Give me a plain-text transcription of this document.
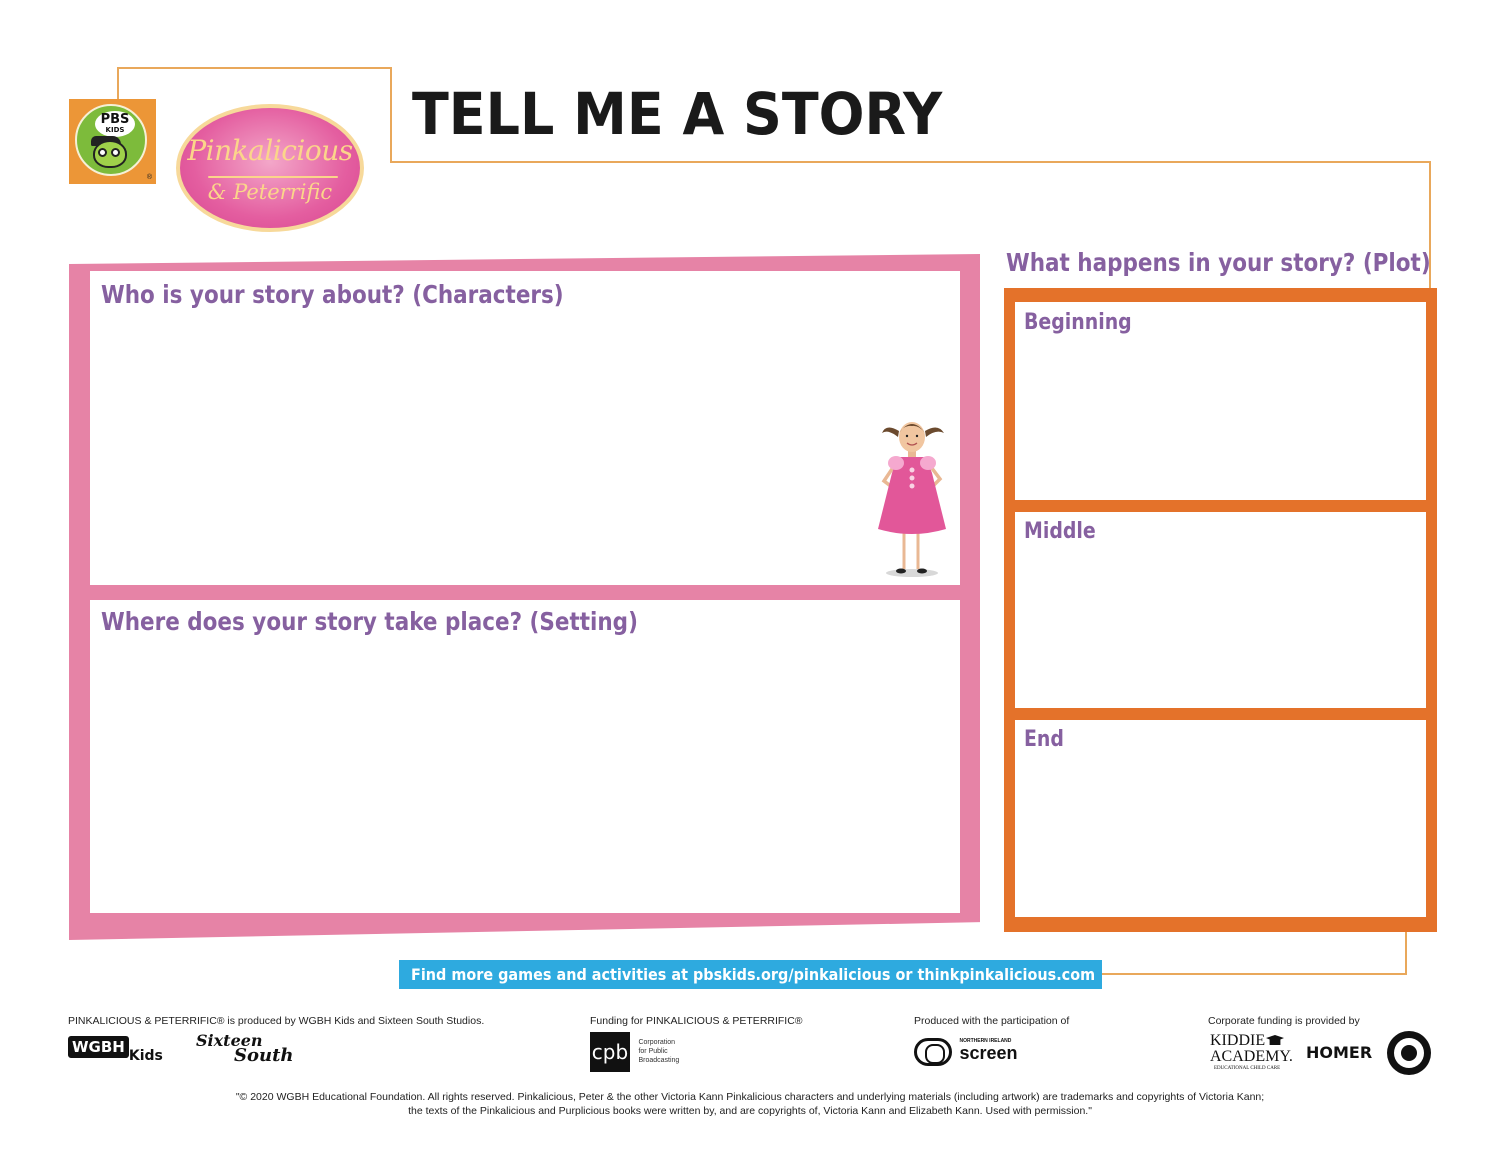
PBS
KIDS
®
Pinkalicious
& Peterrific
TELL ME A STORY
Who is your story about? (Characters)
Where does your story take place? (Setting)
What happens in your story? (Plot)
Beginning
Middle
End
Find more games and activities at pbskids.org/pinkalicious or thinkpinkalicious.com
PINKALICIOUS & PETERRIFIC® is produced by WGBH Kids and Sixteen South Studios.
WGBH Kids
Sixteen
South
Funding for PINKALICIOUS & PETERRIFIC®
cpb Corporation
for Public
Broadcasting
Produced with the participation of

NORTHERN IRELAND
screen
Corporate funding is provided by
KIDDIE
ACADEMY.
EDUCATIONAL CHILD CARE
HOMER
"© 2020 WGBH Educational Foundation. All rights reserved. Pinkalicious, Peter & the other Victoria Kann Pinkalicious characters and underlying materials (including artwork) are trademarks and copyrights of Victoria Kann;
the texts of the Pinkalicious and Purplicious books were written by, and are copyrights of, Victoria Kann and Elizabeth Kann. Used with permission."
